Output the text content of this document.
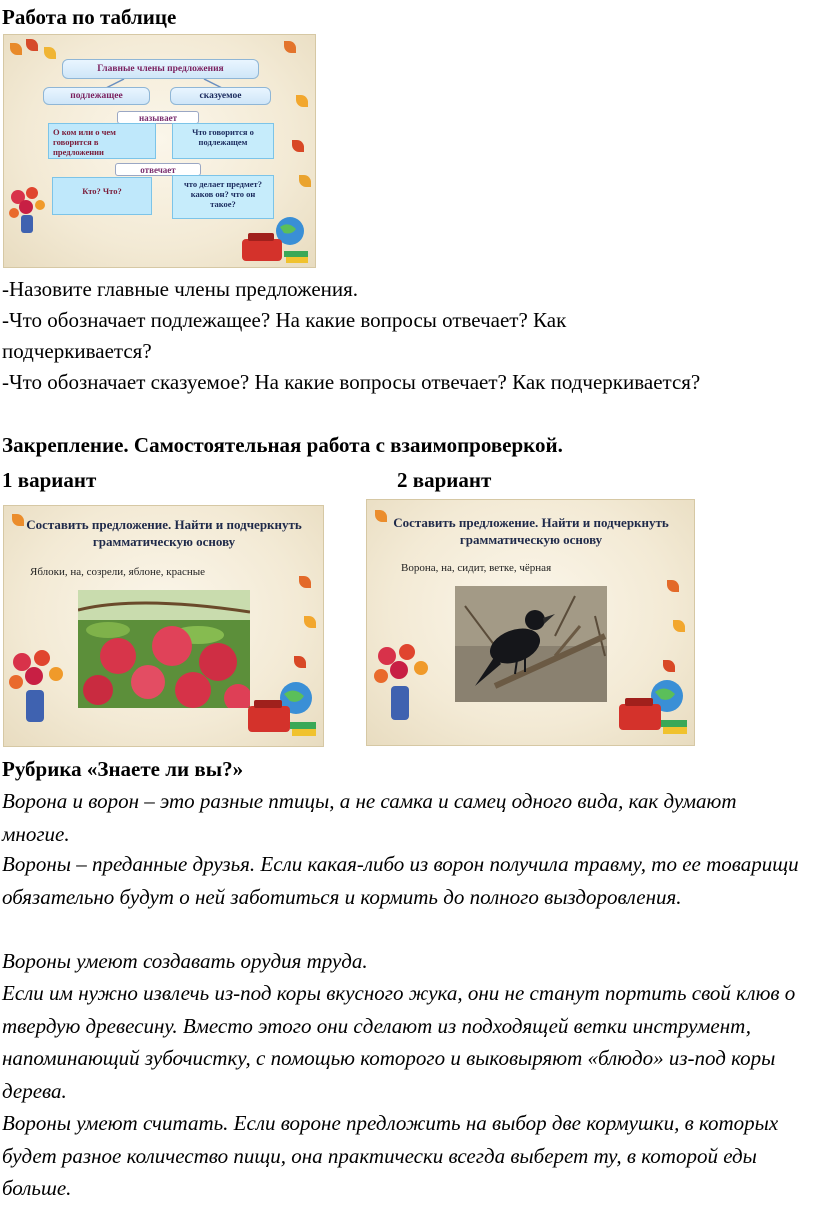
Работа по таблице
Главные члены предложения
подлежащее	сказуемое
называет
О ком или о чем говорится в предложении
Что говорится о подлежащем
отвечает
Кто? Что?
что делает предмет? каков он? что он такое?
-Назовите главные члены предложения.
-Что обозначает подлежащее? На какие вопросы отвечает? Как подчеркивается?
-Что обозначает сказуемое? На какие вопросы отвечает? Как подчеркивается?
Закрепление. Самостоятельная работа с взаимопроверкой.
1 вариант	2 вариант
Составить предложение. Найти и подчеркнуть грамматическую основу
Яблоки, на, созрели, яблоне, красные
Составить предложение. Найти и подчеркнуть грамматическую основу
Ворона, на, сидит, ветке, чёрная
Рубрика «Знаете ли вы?»
Ворона и ворон – это разные птицы, а не самка и самец одного вида, как думают многие.
Вороны – преданные друзья. Если какая-либо из ворон получила травму, то ее товарищи обязательно будут о ней заботиться и кормить до полного выздоровления.
Вороны умеют создавать орудия труда.
Если им нужно извлечь из-под коры вкусного жука, они не станут портить свой клюв о твердую древесину. Вместо этого они сделают из подходящей ветки инструмент, напоминающий зубочистку, с помощью которого и выковыряют «блюдо» из-под коры дерева.
Вороны умеют считать. Если вороне предложить на выбор две кормушки, в которых будет разное количество пищи, она практически всегда выберет ту, в которой еды больше.
